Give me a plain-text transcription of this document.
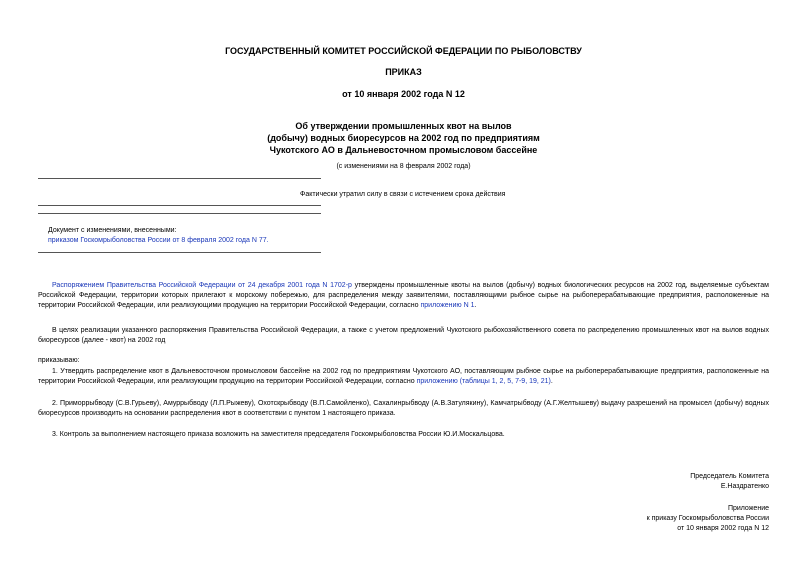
ГОСУДАРСТВЕННЫЙ КОМИТЕТ РОССИЙСКОЙ ФЕДЕРАЦИИ ПО РЫБОЛОВСТВУ
ПРИКАЗ
от 10 января 2002 года N 12
Об утверждении промышленных квот на вылов
(добычу) водных биоресурсов на 2002 год по предприятиям
Чукотского АО в Дальневосточном промысловом бассейне
(с изменениями на 8 февраля 2002 года)
Фактически утратил силу в связи с истечением срока действия
Документ с изменениями, внесенными:
приказом Госкомрыболовства России от 8 февраля 2002 года N 77.
Распоряжением Правительства Российской Федерации от 24 декабря 2001 года N 1702-р утверждены промышленные квоты на вылов (добычу) водных биологических ресурсов на 2002 год, выделяемые субъектам Российской Федерации, территории которых прилегают к морскому побережью, для распределения между заявителями, поставляющими рыбное сырье на рыбоперерабатывающие предприятия, расположенные на территории Российской Федерации, или реализующими продукцию на территории Российской Федерации, согласно приложению N 1.
В целях реализации указанного распоряжения Правительства Российской Федерации, а также с учетом предложений Чукотского рыбохозяйственного совета по распределению промышленных квот на вылов водных биоресурсов (далее - квот) на 2002 год
приказываю:
1. Утвердить распределение квот в Дальневосточном промысловом бассейне на 2002 год по предприятиям Чукотского АО, поставляющим рыбное сырье на рыбоперерабатывающие предприятия, расположенные на территории Российской Федерации, или реализующим продукцию на территории Российской Федерации, согласно приложению (таблицы 1, 2, 5, 7-9, 19, 21).
2. Приморрыбводу (С.В.Гурьеву), Амуррыбводу (Л.П.Рыжеву), Охотскрыбводу (В.П.Самойленко), Сахалинрыбводу (А.В.Затулякину), Камчатрыбводу (А.Г.Желтышеву) выдачу разрешений на промысел (добычу) водных биоресурсов производить на основании распределения квот в соответствии с пунктом 1 настоящего приказа.
3. Контроль за выполнением настоящего приказа возложить на заместителя председателя Госкомрыболовства России Ю.И.Москальцова.
Председатель Комитета
Е.Наздратенко
Приложение
к приказу Госкомрыболовства России
от 10 января 2002 года N 12
